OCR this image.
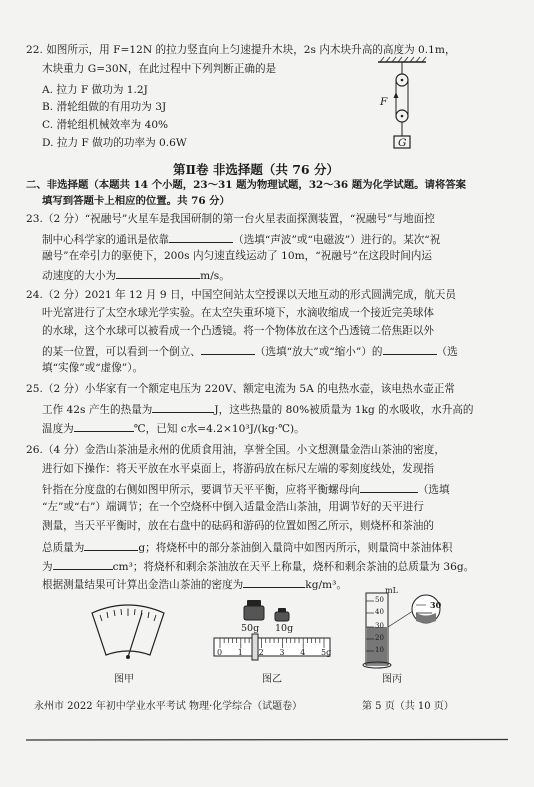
22. 如图所示，用 F=12N 的拉力竖直向上匀速提升木块，2s 内木块升高的高度为 0.1m，
木块重力 G=30N，在此过程中下列判断正确的是
A. 拉力 F 做功为 1.2J
B. 滑轮组做的有用功为 3J
C. 滑轮组机械效率为 40%
D. 拉力 F 做功的功率为 0.6W
F
G
第Ⅱ卷 非选择题（共 76 分）
二、非选择题（本题共 14 个小题，23～31 题为物理试题，32～36 题为化学试题。请将答案
填写到答题卡上相应的位置。共 76 分）
23.（2 分）“祝融号”火星车是我国研制的第一台火星表面探测装置，“祝融号”与地面控
制中心科学家的通讯是依靠	（选填“声波”或“电磁波”）进行的。某次“祝
融号”在牵引力的驱使下，200s 内匀速直线运动了 10m，“祝融号”在这段时间内运
动速度的大小为	m/s。
24.（2 分）2021 年 12 月 9 日，中国空间站太空授课以天地互动的形式圆满完成，航天员
叶光富进行了太空水球光学实验。在太空失重环境下，水滴收缩成一个接近完美球体
的水球，这个水球可以被看成一个凸透镜。将一个物体放在这个凸透镜二倍焦距以外
的某一位置，可以看到一个倒立、	（选填“放大”或“缩小”）的	（选
填“实像”或“虚像”）。
25.（2 分）小华家有一个额定电压为 220V、额定电流为 5A 的电热水壶，该电热水壶正常
工作 42s 产生的热量为	J，这些热量的 80%被质量为 1kg 的水吸收，水升高的
温度为	℃，已知 c水=4.2×10³J/(kg·℃)。
26.（4 分）金浩山茶油是永州的优质食用油，享誉全国。小文想测量金浩山茶油的密度，
进行如下操作：将天平放在水平桌面上，将游码放在标尺左端的零刻度线处，发现指
针指在分度盘的右侧如图甲所示，要调节天平平衡，应将平衡螺母向	（选填
“左”或“右”）端调节；在一个空烧杯中倒入适量金浩山茶油，用调节好的天平进行
测量，当天平平衡时，放在右盘中的砝码和游码的位置如图乙所示，则烧杯和茶油的
总质量为	g；将烧杯中的部分茶油倒入量筒中如图丙所示，则量筒中茶油体积
为	cm³；将烧杯和剩余茶油放在天平上称量，烧杯和剩余茶油的总质量为 36g。
根据测量结果可计算出金浩山茶油的密度为	kg/m³。
图甲
50g 10g
0 1 2 3 4 5g
图乙
mL
50
40
30
20
10
30
图丙
永州市 2022 年初中学业水平考试 物理·化学综合（试题卷）	第 5 页（共 10 页）
